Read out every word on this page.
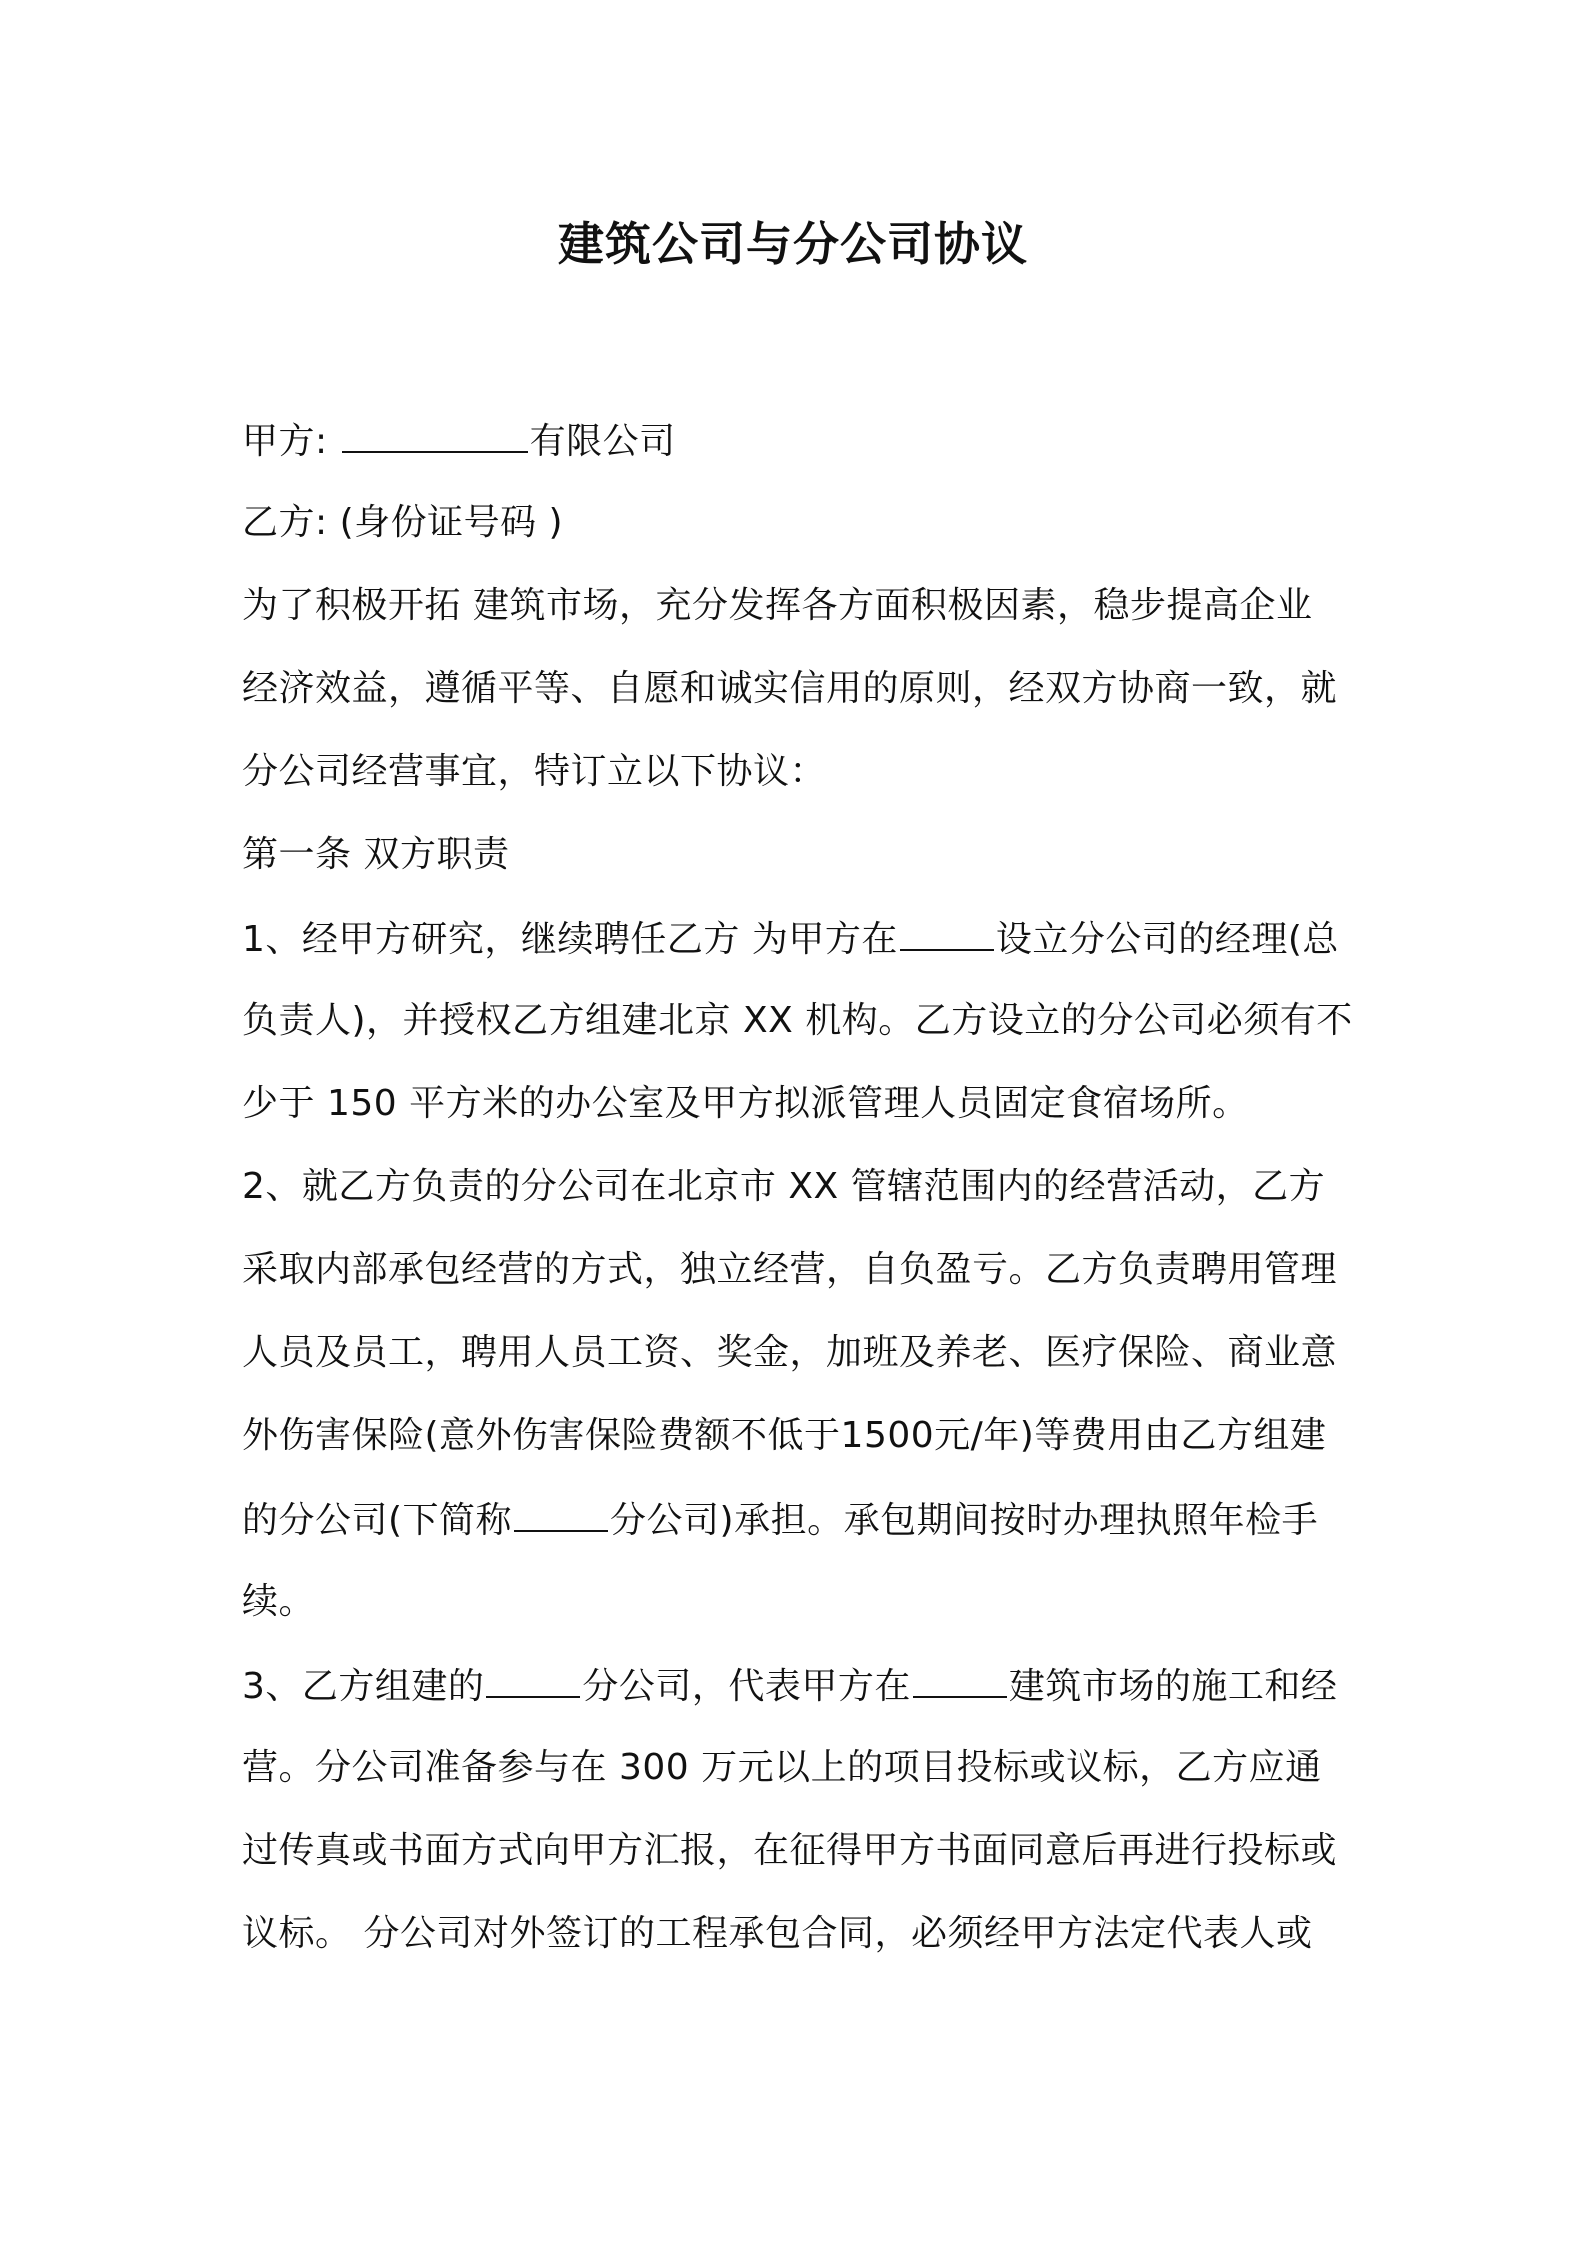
建筑公司与分公司协议
甲方:	有限公司
乙方: (身份证号码 )
为了积极开拓 建筑市场，充分发挥各方面积极因素，稳步提高企业
经济效益，遵循平等、自愿和诚实信用的原则，经双方协商一致，就
分公司经营事宜，特订立以下协议：
第一条 双方职责
1、经甲方研究，继续聘任乙方 为甲方在	设立分公司的经理(总
负责人)，并授权乙方组建北京 XX 机构。乙方设立的分公司必须有不
少于 150 平方米的办公室及甲方拟派管理人员固定食宿场所。
2、就乙方负责的分公司在北京市 XX 管辖范围内的经营活动，乙方
采取内部承包经营的方式，独立经营，自负盈亏。乙方负责聘用管理
人员及员工，聘用人员工资、奖金，加班及养老、医疗保险、商业意
外伤害保险(意外伤害保险费额不低于1500元/年)等费用由乙方组建
的分公司(下简称	分公司)承担。承包期间按时办理执照年检手
续。
3、乙方组建的	分公司，代表甲方在	建筑市场的施工和经
营。分公司准备参与在 300 万元以上的项目投标或议标，乙方应通
过传真或书面方式向甲方汇报，在征得甲方书面同意后再进行投标或
议标。 分公司对外签订的工程承包合同，必须经甲方法定代表人或
